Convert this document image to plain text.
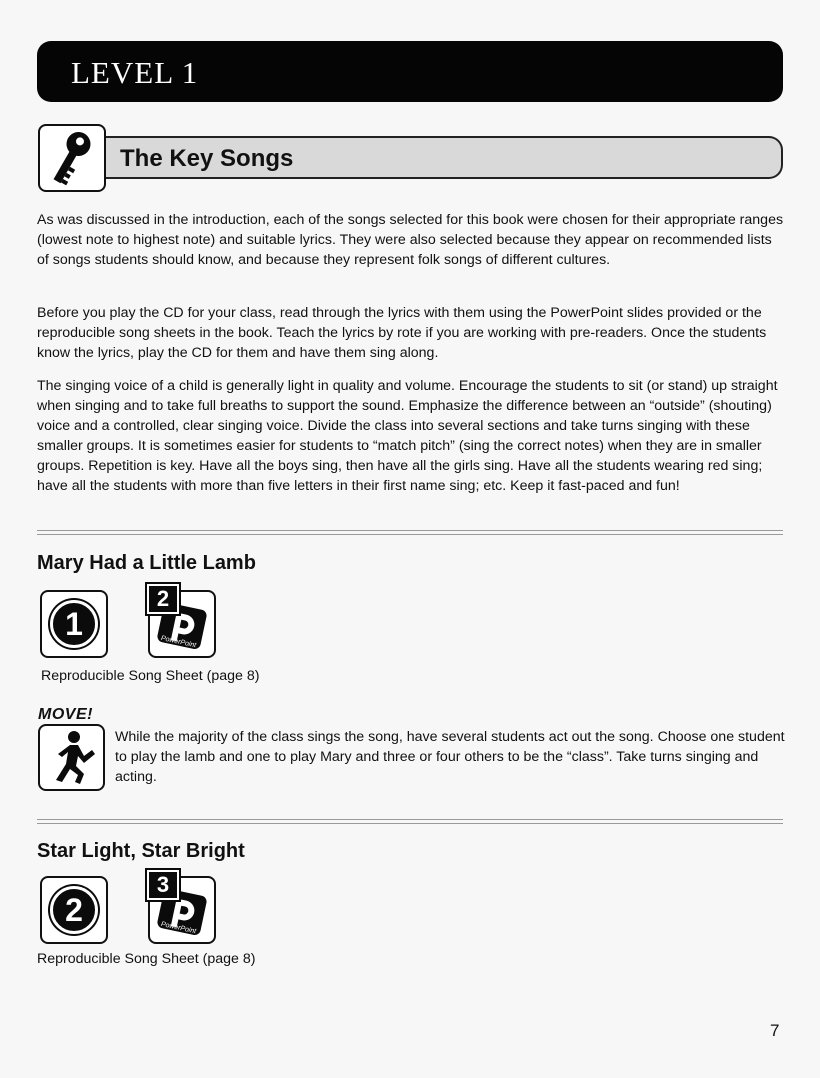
LEVEL 1
The Key Songs

As was discussed in the introduction, each of the songs selected for this book were chosen for their appropriate ranges (lowest note to highest note) and suitable lyrics. They were also selected because they appear on recommended lists of songs students should know, and because they represent folk songs of different cultures.

Before you play the CD for your class, read through the lyrics with them using the PowerPoint slides provided or the reproducible song sheets in the book. Teach the lyrics by rote if you are working with pre-readers. Once the students know the lyrics, play the CD for them and have them sing along.

The singing voice of a child is generally light in quality and volume. Encourage the students to sit (or stand) up straight when singing and to take full breaths to support the sound. Emphasize the difference between an “outside” (shouting) voice and a controlled, clear singing voice. Divide the class into several sections and take turns singing with these smaller groups. It is sometimes easier for students to “match pitch” (sing the correct notes) when they are in smaller groups. Repetition is key. Have all the boys sing, then have all the girls sing. Have all the students wearing red sing; have all the students with more than five letters in their first name sing; etc. Keep it fast-paced and fun!

Mary Had a Little Lamb
1
PowerPoint
2
Reproducible Song Sheet (page 8)
MOVE!

While the majority of the class sings the song, have several students act out the song. Choose one student to play the lamb and one to play Mary and three or four others to be the “class”. Take turns singing and acting.

Star Light, Star Bright
2
PowerPoint
3
Reproducible Song Sheet (page 8)
7
